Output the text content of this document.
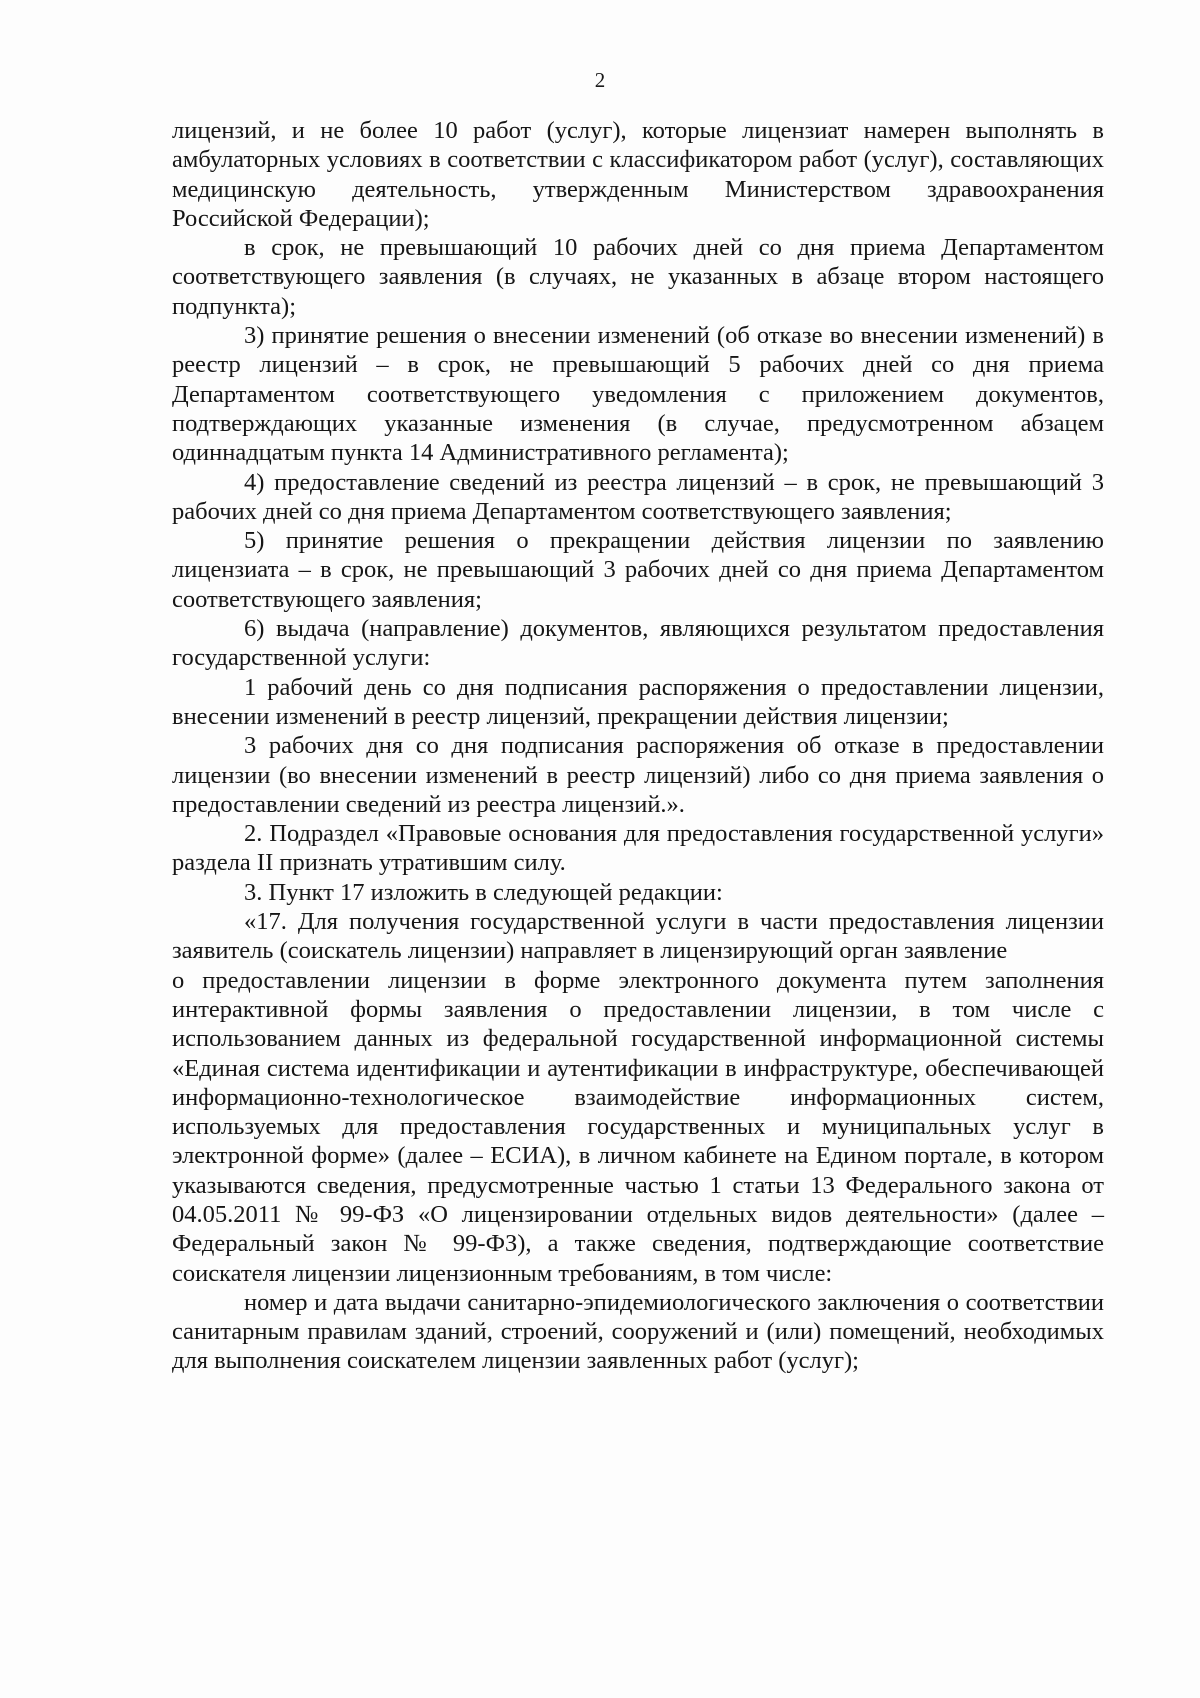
2

лицензий, и не более 10 работ (услуг), которые лицензиат намерен выполнять в амбулаторных условиях в соответствии с классификатором работ (услуг), составляющих медицинскую деятельность, утвержденным Министерством здравоохранения Российской Федерации);

в срок, не превышающий 10 рабочих дней со дня приема Департаментом соответствующего заявления (в случаях, не указанных в абзаце втором настоящего подпункта);

3) принятие решения о внесении изменений (об отказе во внесении изменений) в реестр лицензий – в срок, не превышающий 5 рабочих дней со дня приема Департаментом соответствующего уведомления с приложением документов, подтверждающих указанные изменения (в случае, предусмотренном абзацем одиннадцатым пункта 14 Административного регламента);

4) предоставление сведений из реестра лицензий – в срок, не превышающий 3 рабочих дней со дня приема Департаментом соответствующего заявления;

5) принятие решения о прекращении действия лицензии по заявлению лицензиата – в срок, не превышающий 3 рабочих дней со дня приема Департаментом соответствующего заявления;

6) выдача (направление) документов, являющихся результатом предоставления государственной услуги:

1 рабочий день со дня подписания распоряжения о предоставлении лицензии, внесении изменений в реестр лицензий, прекращении действия лицензии;

3 рабочих дня со дня подписания распоряжения об отказе в предоставлении лицензии (во внесении изменений в реестр лицензий) либо со дня приема заявления о предоставлении сведений из реестра лицензий.».

2. Подраздел «Правовые основания для предоставления государственной услуги» раздела II признать утратившим силу.

3. Пункт 17 изложить в следующей редакции:

«17. Для получения государственной услуги в части предоставления лицензии заявитель (соискатель лицензии) направляет в лицензирующий орган заявление

о предоставлении лицензии в форме электронного документа путем заполнения интерактивной формы заявления о предоставлении лицензии, в том числе с использованием данных из федеральной государственной информационной системы «Единая система идентификации и аутентификации в инфраструктуре, обеспечивающей информационно-технологическое взаимодействие информационных систем, используемых для предоставления государственных и муниципальных услуг в электронной форме» (далее – ЕСИА), в личном кабинете на Едином портале, в котором указываются сведения, предусмотренные частью 1 статьи 13 Федерального закона от 04.05.2011 № 99-ФЗ «О лицензировании отдельных видов деятельности» (далее – Федеральный закон № 99-ФЗ), а также сведения, подтверждающие соответствие соискателя лицензии лицензионным требованиям, в том числе:

номер и дата выдачи санитарно-эпидемиологического заключения о соответствии санитарным правилам зданий, строений, сооружений и (или) помещений, необходимых для выполнения соискателем лицензии заявленных работ (услуг);
